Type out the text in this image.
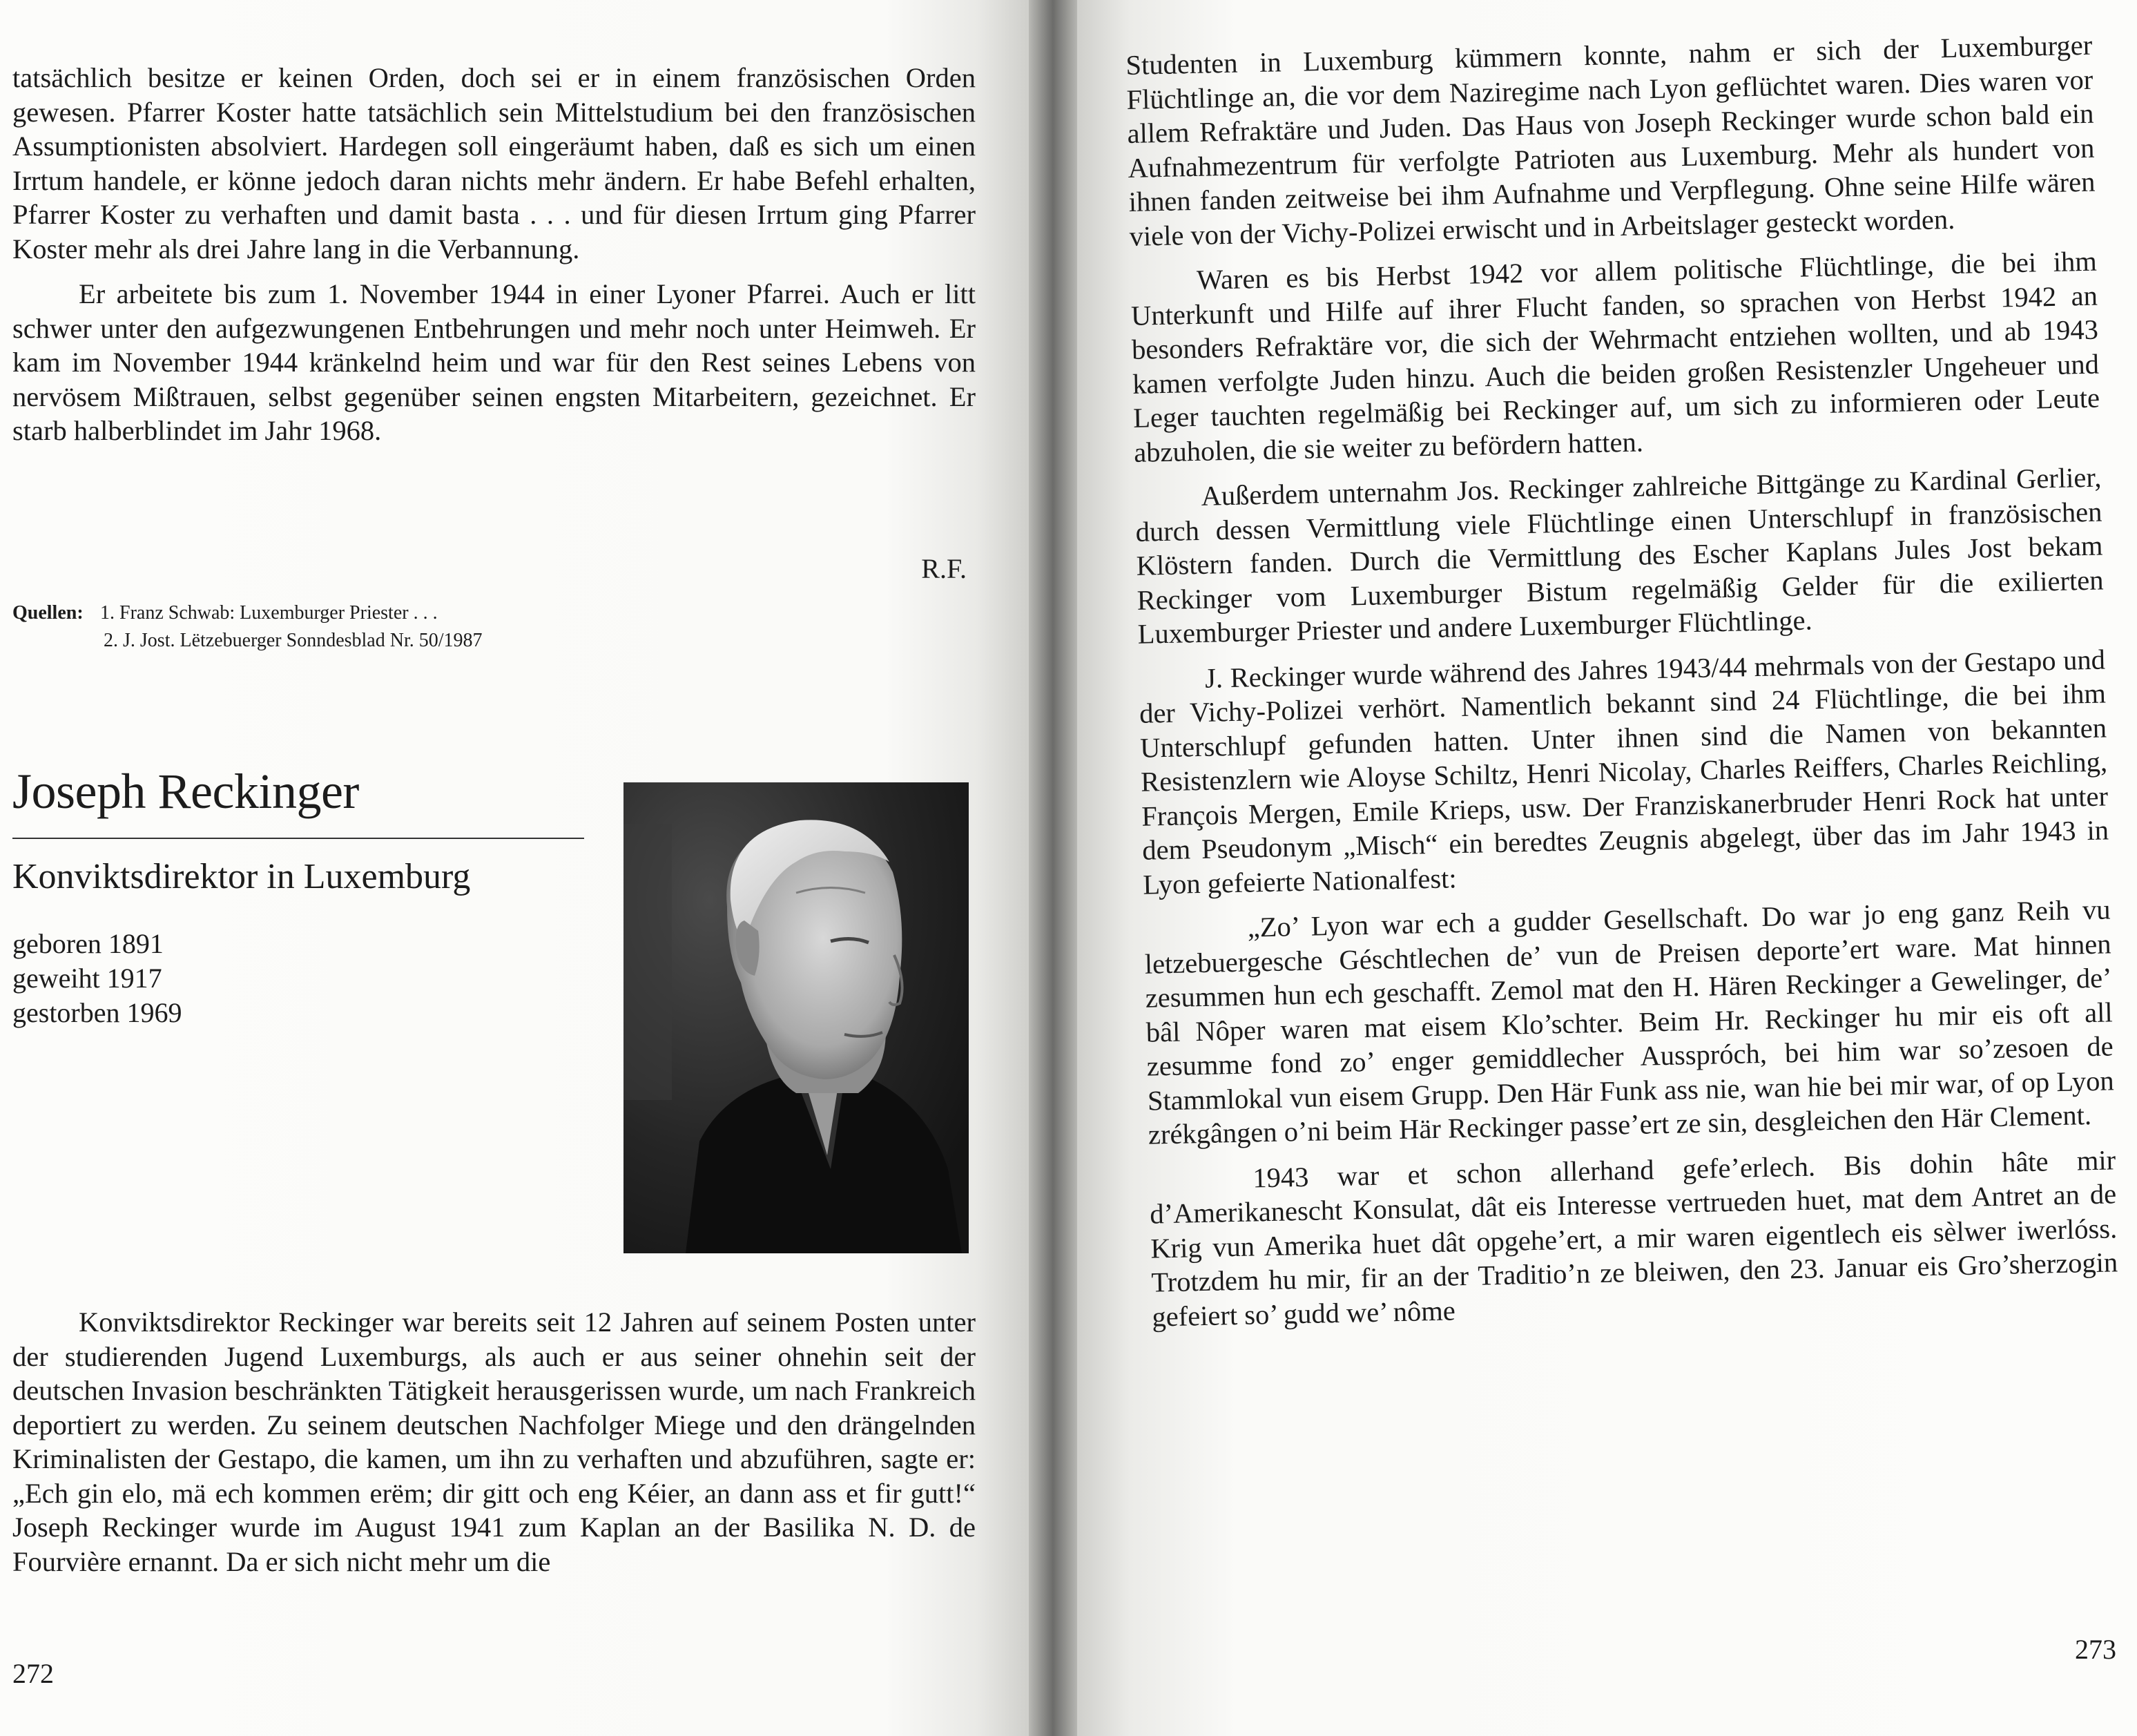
tatsächlich besitze er keinen Orden, doch sei er in einem französischen Orden gewesen. Pfarrer Koster hatte tatsächlich sein Mittelstudium bei den französischen Assumptionisten absolviert. Hardegen soll eingeräumt haben, daß es sich um einen Irrtum handele, er könne jedoch daran nichts mehr ändern. Er habe Befehl erhalten, Pfarrer Koster zu verhaften und damit basta . . . und für diesen Irrtum ging Pfarrer Koster mehr als drei Jahre lang in die Verbannung.

Er arbeitete bis zum 1. November 1944 in einer Lyoner Pfarrei. Auch er litt schwer unter den aufgezwungenen Entbehrungen und mehr noch unter Heimweh. Er kam im November 1944 kränkelnd heim und war für den Rest seines Lebens von nervösem Mißtrauen, selbst gegenüber seinen engsten Mitarbeitern, gezeichnet. Er starb halberblindet im Jahr 1968.

R.F.
Quellen: 1. Franz Schwab: Luxemburger Priester . . .
2. J. Jost. Lëtzebuerger Sonndesblad Nr. 50/1987
Joseph Reckinger
Konviktsdirektor in Luxemburg
geboren 1891
geweiht 1917
gestorben 1969

Konviktsdirektor Reckinger war bereits seit 12 Jahren auf seinem Posten unter der studierenden Jugend Luxemburgs, als auch er aus seiner ohnehin seit der deutschen Invasion beschränkten Tätigkeit herausgerissen wurde, um nach Frankreich deportiert zu werden. Zu seinem deutschen Nachfolger Miege und den drängelnden Kriminalisten der Gestapo, die kamen, um ihn zu verhaften und abzuführen, sagte er: „Ech gin elo, mä ech kommen erëm; dir gitt och eng Kéier, an dann ass et fir gutt!“ Joseph Reckinger wurde im August 1941 zum Kaplan an der Basilika N. D. de Fourvière ernannt. Da er sich nicht mehr um die

272

Studenten in Luxemburg kümmern konnte, nahm er sich der Luxemburger Flüchtlinge an, die vor dem Naziregime nach Lyon geflüchtet waren. Dies waren vor allem Refraktäre und Juden. Das Haus von Joseph Reckinger wurde schon bald ein Aufnahmezentrum für verfolgte Patrioten aus Luxemburg. Mehr als hundert von ihnen fanden zeitweise bei ihm Aufnahme und Verpflegung. Ohne seine Hilfe wären viele von der Vichy-Polizei erwischt und in Arbeitslager gesteckt worden.

Waren es bis Herbst 1942 vor allem politische Flüchtlinge, die bei ihm Unterkunft und Hilfe auf ihrer Flucht fanden, so sprachen von Herbst 1942 an besonders Refraktäre vor, die sich der Wehrmacht entziehen wollten, und ab 1943 kamen verfolgte Juden hinzu. Auch die beiden großen Resistenzler Ungeheuer und Leger tauchten regelmäßig bei Reckinger auf, um sich zu informieren oder Leute abzuholen, die sie weiter zu befördern hatten.

Außerdem unternahm Jos. Reckinger zahlreiche Bittgänge zu Kardinal Gerlier, durch dessen Vermittlung viele Flüchtlinge einen Unterschlupf in französischen Klöstern fanden. Durch die Vermittlung des Escher Kaplans Jules Jost bekam Reckinger vom Luxemburger Bistum regelmäßig Gelder für die exilierten Luxemburger Priester und andere Luxemburger Flüchtlinge.

J. Reckinger wurde während des Jahres 1943/44 mehrmals von der Gestapo und der Vichy-Polizei verhört. Namentlich bekannt sind 24 Flüchtlinge, die bei ihm Unterschlupf gefunden hatten. Unter ihnen sind die Namen von bekannten Resistenzlern wie Aloyse Schiltz, Henri Nicolay, Charles Reiffers, Charles Reichling, François Mergen, Emile Krieps, usw. Der Franziskanerbruder Henri Rock hat unter dem Pseudonym „Misch“ ein beredtes Zeugnis abgelegt, über das im Jahr 1943 in Lyon gefeierte Nationalfest:

„Zo’ Lyon war ech a gudder Gesellschaft. Do war jo eng ganz Reih vu letzebuergesche Géschtlechen de’ vun de Preisen deporte’ert ware. Mat hinnen zesummen hun ech geschafft. Zemol mat den H. Hären Reckinger a Gewelinger, de’ bâl Nôper waren mat eisem Klo’schter. Beim Hr. Reckinger hu mir eis oft all zesumme fond zo’ enger gemiddlecher Ausspróch, bei him war so’zesoen de Stammlokal vun eisem Grupp. Den Här Funk ass nie, wan hie bei mir war, of op Lyon zrékgângen o’ni beim Här Reckinger passe’ert ze sin, desgleichen den Här Clement.

1943 war et schon allerhand gefe’erlech. Bis dohin hâte mir d’Amerikanescht Konsulat, dât eis Interesse vertrueden huet, mat dem Antret an de Krig vun Amerika huet dât opgehe’ert, a mir waren eigentlech eis sèlwer iwerlóss. Trotzdem hu mir, fir an der Traditio’n ze bleiwen, den 23. Januar eis Gro’sherzogin gefeiert so’ gudd we’ nôme

273
